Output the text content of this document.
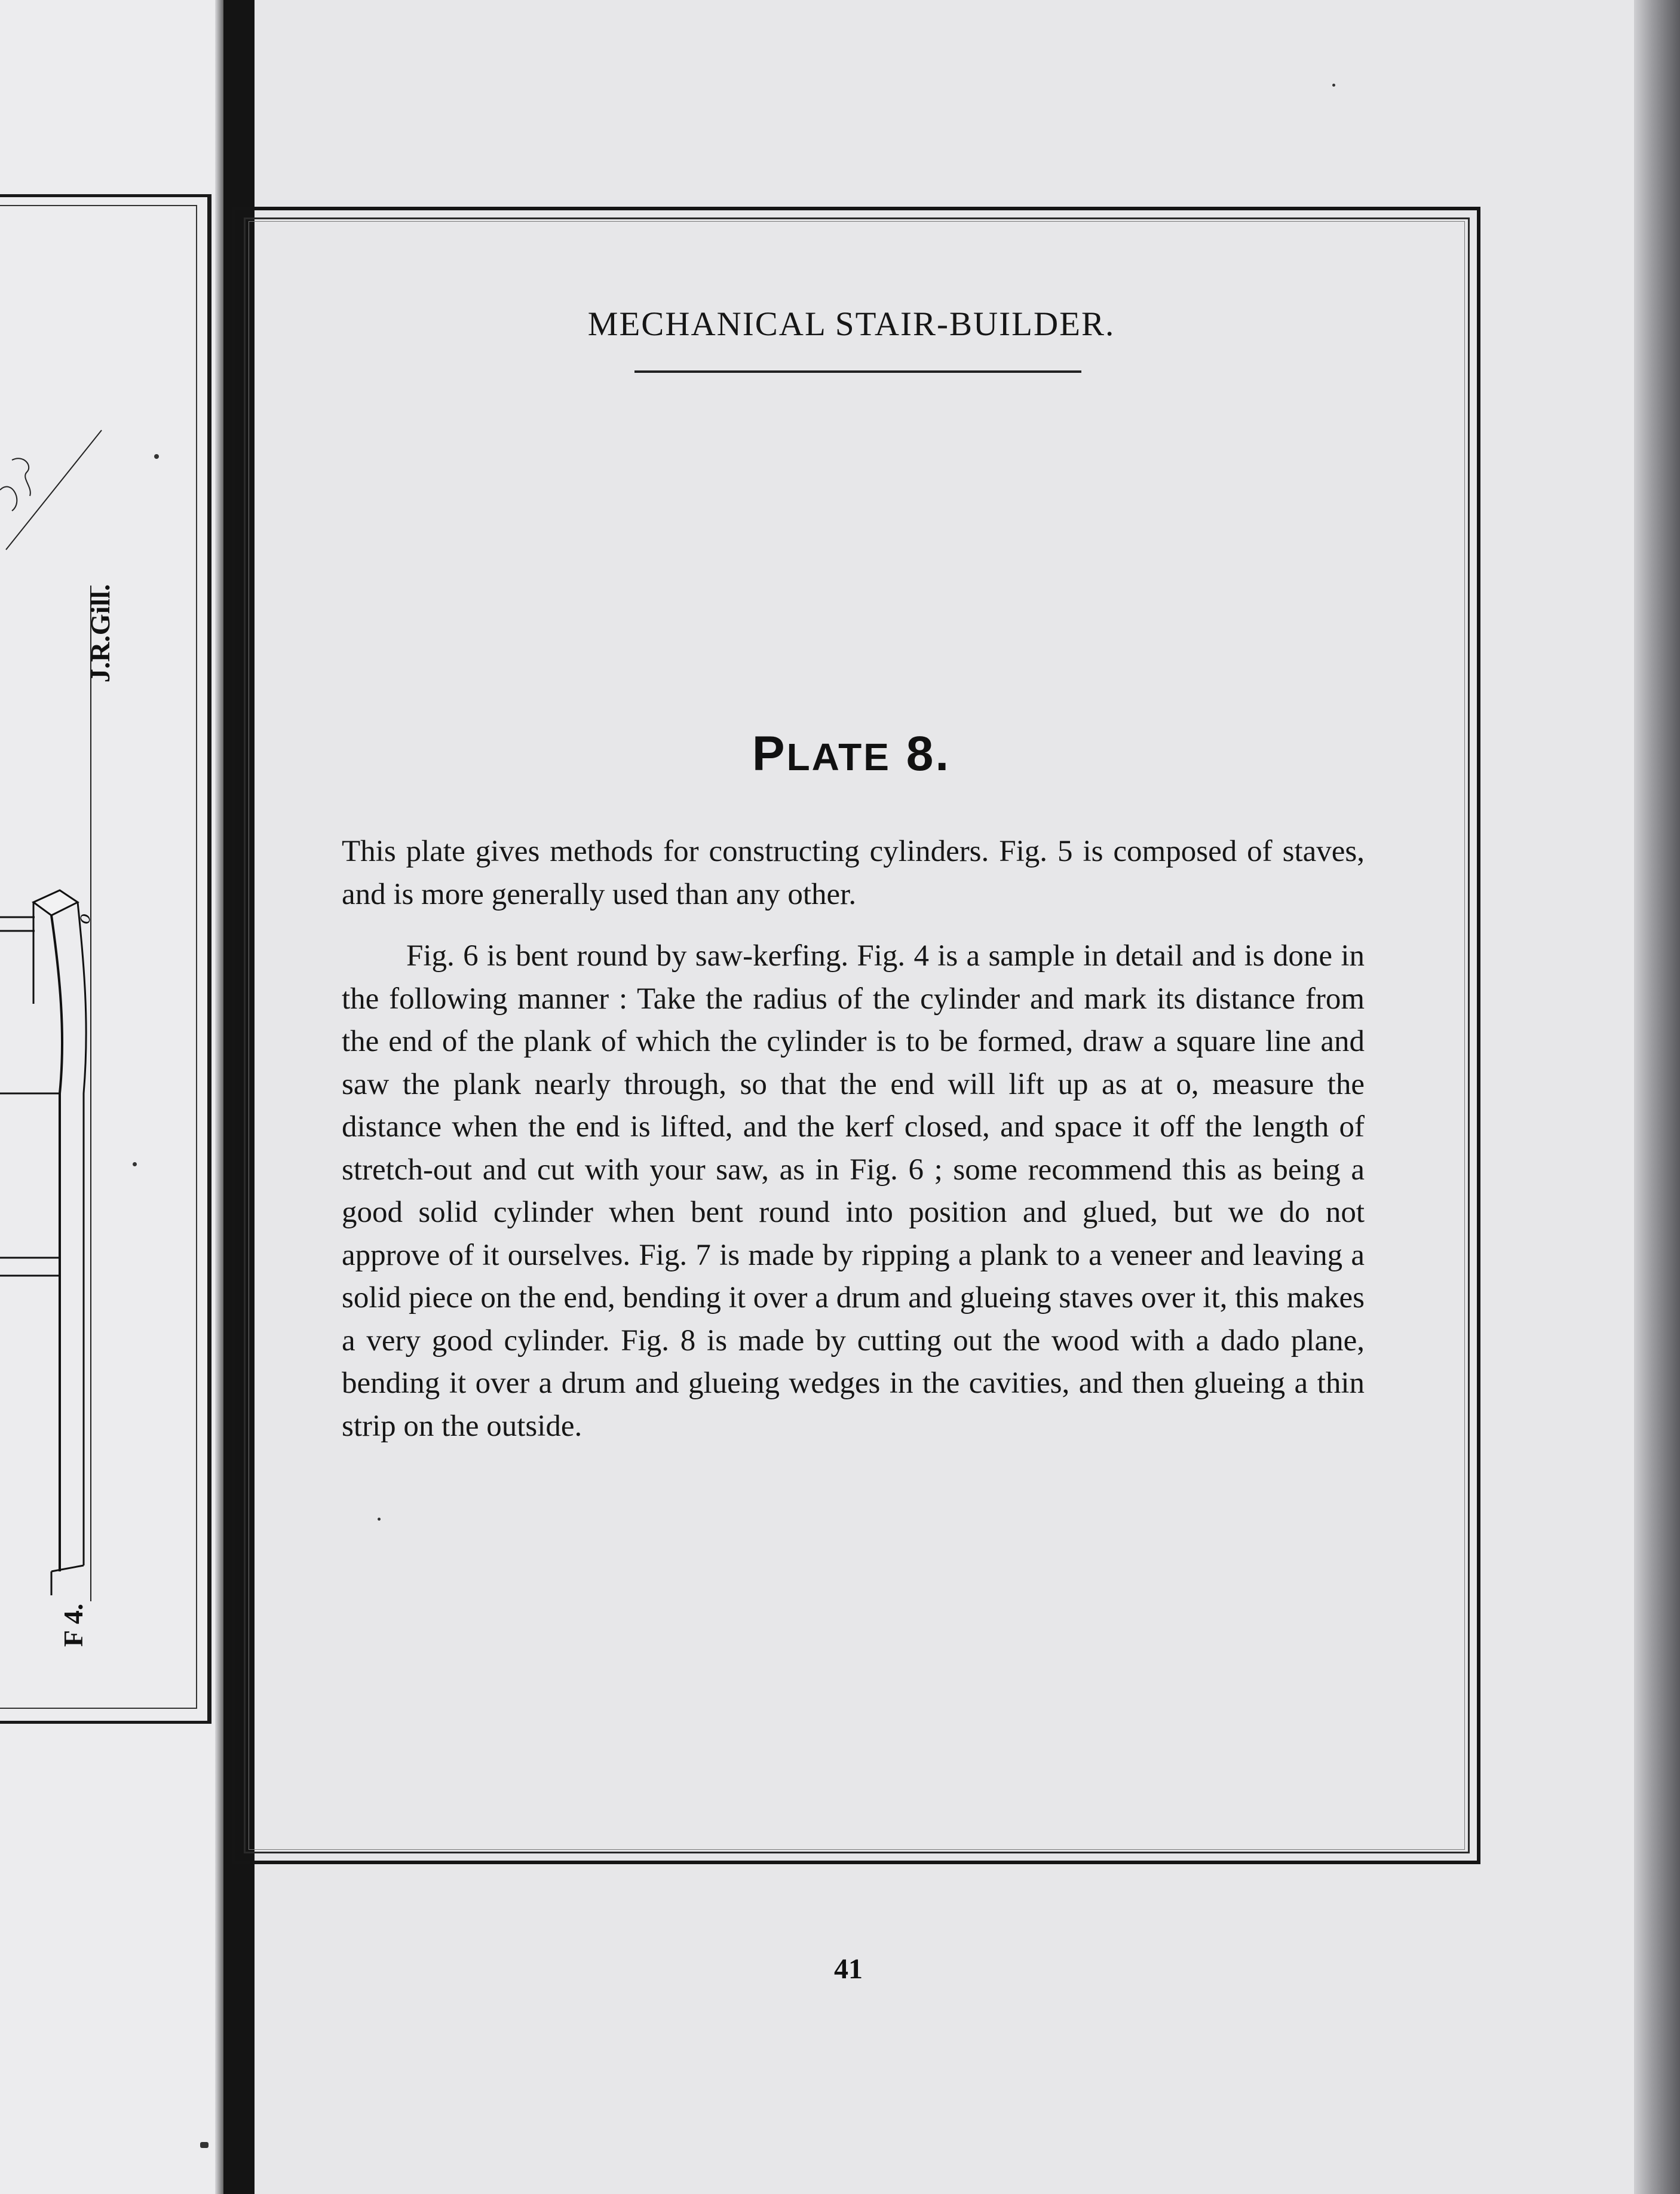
o
J.R.Gill.
F 4.
MECHANICAL STAIR-BUILDER.
PLATE 8.

This plate gives methods for constructing cylinders. Fig. 5 is composed of staves, and is more generally used than any other.

Fig. 6 is bent round by saw-kerfing. Fig. 4 is a sample in detail and is done in the following manner : Take the radius of the cylinder and mark its distance from the end of the plank of which the cylinder is to be formed, draw a square line and saw the plank nearly through, so that the end will lift up as at o, measure the distance when the end is lifted, and the kerf closed, and space it off the length of stretch-out and cut with your saw, as in Fig. 6 ; some recommend this as being a good solid cylinder when bent round into position and glued, but we do not approve of it ourselves. Fig. 7 is made by ripping a plank to a veneer and leaving a solid piece on the end, bending it over a drum and glueing staves over it, this makes a very good cylinder. Fig. 8 is made by cutting out the wood with a dado plane, bending it over a drum and glueing wedges in the cavities, and then glueing a thin strip on the outside.

41
